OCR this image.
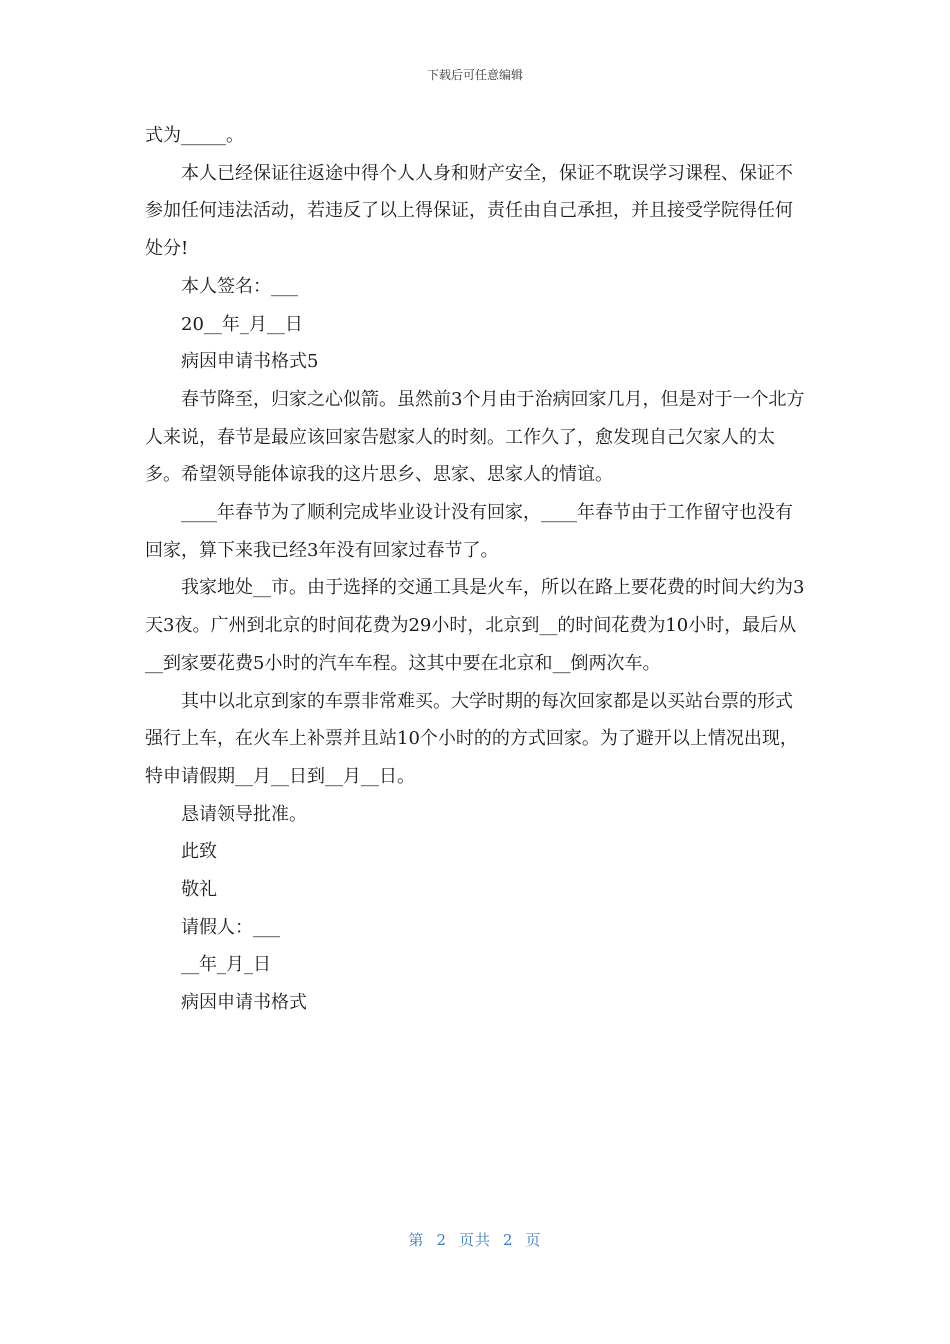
下载后可任意编辑

式为_____。

本人已经保证往返途中得个人人身和财产安全，保证不耽误学习课程、保证不参加任何违法活动，若违反了以上得保证，责任由自己承担，并且接受学院得任何处分!

本人签名：___

20__年_月__日

病因申请书格式5

春节降至，归家之心似箭。虽然前3个月由于治病回家几月，但是对于一个北方人来说，春节是最应该回家告慰家人的时刻。工作久了，愈发现自己欠家人的太多。希望领导能体谅我的这片思乡、思家、思家人的情谊。

____年春节为了顺利完成毕业设计没有回家，____年春节由于工作留守也没有回家，算下来我已经3年没有回家过春节了。

我家地处__市。由于选择的交通工具是火车，所以在路上要花费的时间大约为3天3夜。广州到北京的时间花费为29小时，北京到__的时间花费为10小时，最后从__到家要花费5小时的汽车车程。这其中要在北京和__倒两次车。

其中以北京到家的车票非常难买。大学时期的每次回家都是以买站台票的形式强行上车，在火车上补票并且站10个小时的的方式回家。为了避开以上情况出现，特申请假期__月__日到__月__日。

恳请领导批准。

此致

敬礼

请假人：___

__年_月_日

病因申请书格式

第 2 页共 2 页
